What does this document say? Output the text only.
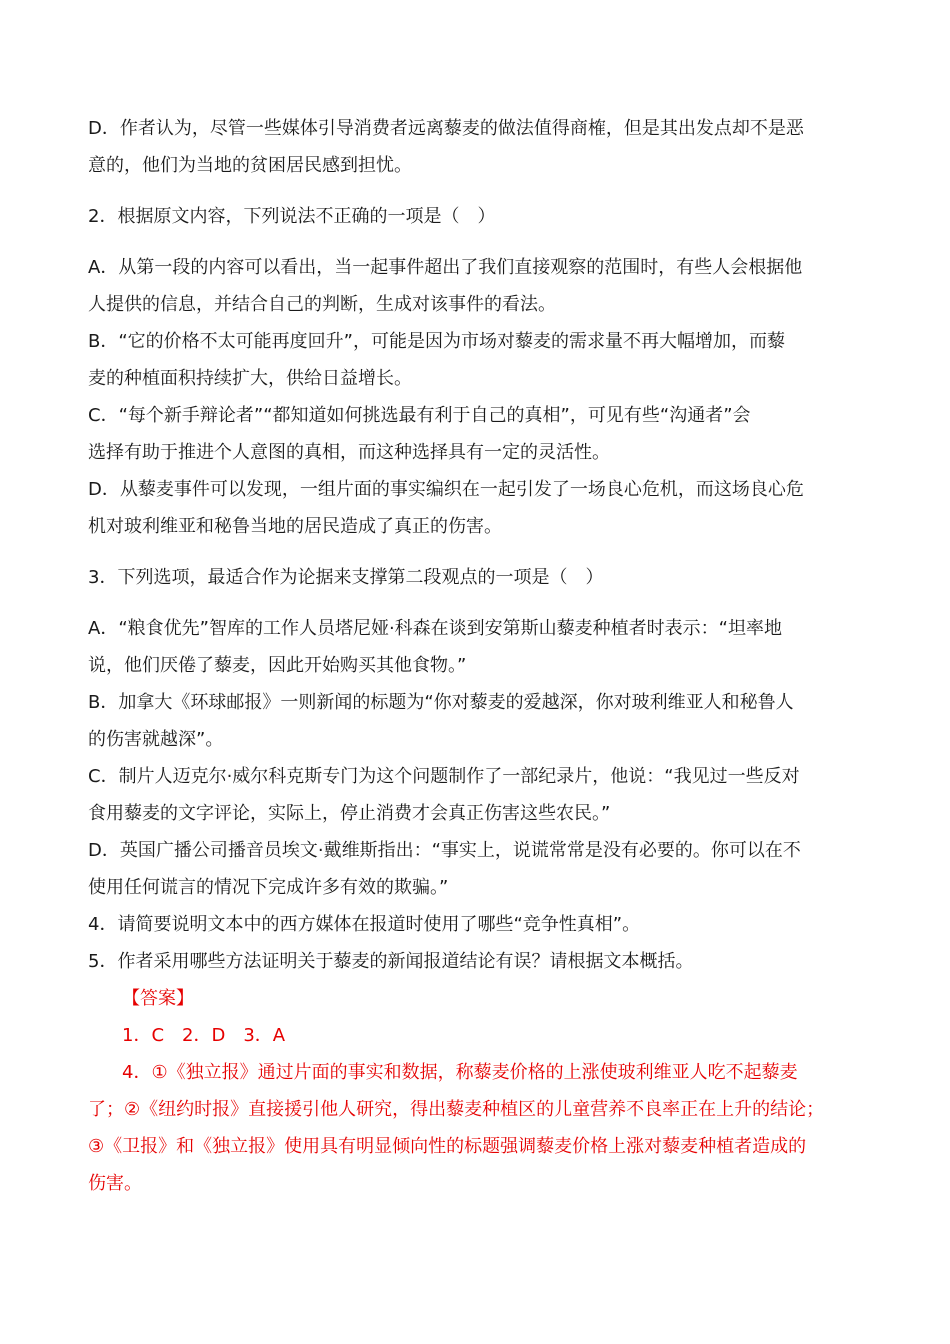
D．作者认为，尽管一些媒体引导消费者远离藜麦的做法值得商榷，但是其出发点却不是恶

意的，他们为当地的贫困居民感到担忧。

2．根据原文内容，下列说法不正确的一项是（　）

A．从第一段的内容可以看出，当一起事件超出了我们直接观察的范围时，有些人会根据他

人提供的信息，并结合自己的判断，生成对该事件的看法。

B．“它的价格不太可能再度回升”，可能是因为市场对藜麦的需求量不再大幅增加，而藜

麦的种植面积持续扩大，供给日益增长。

C．“每个新手辩论者”“都知道如何挑选最有利于自己的真相”，可见有些“沟通者”会

选择有助于推进个人意图的真相，而这种选择具有一定的灵活性。

D．从藜麦事件可以发现，一组片面的事实编织在一起引发了一场良心危机，而这场良心危

机对玻利维亚和秘鲁当地的居民造成了真正的伤害。

3．下列选项，最适合作为论据来支撑第二段观点的一项是（　）

A．“粮食优先”智库的工作人员塔尼娅·科森在谈到安第斯山藜麦种植者时表示：“坦率地

说，他们厌倦了藜麦，因此开始购买其他食物。”

B．加拿大《环球邮报》一则新闻的标题为“你对藜麦的爱越深，你对玻利维亚人和秘鲁人

的伤害就越深”。

C．制片人迈克尔·威尔科克斯专门为这个问题制作了一部纪录片，他说：“我见过一些反对

食用藜麦的文字评论，实际上，停止消费才会真正伤害这些农民。”

D．英国广播公司播音员埃文·戴维斯指出：“事实上，说谎常常是没有必要的。你可以在不

使用任何谎言的情况下完成许多有效的欺骗。”

4．请简要说明文本中的西方媒体在报道时使用了哪些“竞争性真相”。

5．作者采用哪些方法证明关于藜麦的新闻报道结论有误？请根据文本概括。

【答案】

1．C　2．D　3．A

4．①《独立报》通过片面的事实和数据，称藜麦价格的上涨使玻利维亚人吃不起藜麦

了；②《纽约时报》直接援引他人研究，得出藜麦种植区的儿童营养不良率正在上升的结论；

③《卫报》和《独立报》使用具有明显倾向性的标题强调藜麦价格上涨对藜麦种植者造成的

伤害。
